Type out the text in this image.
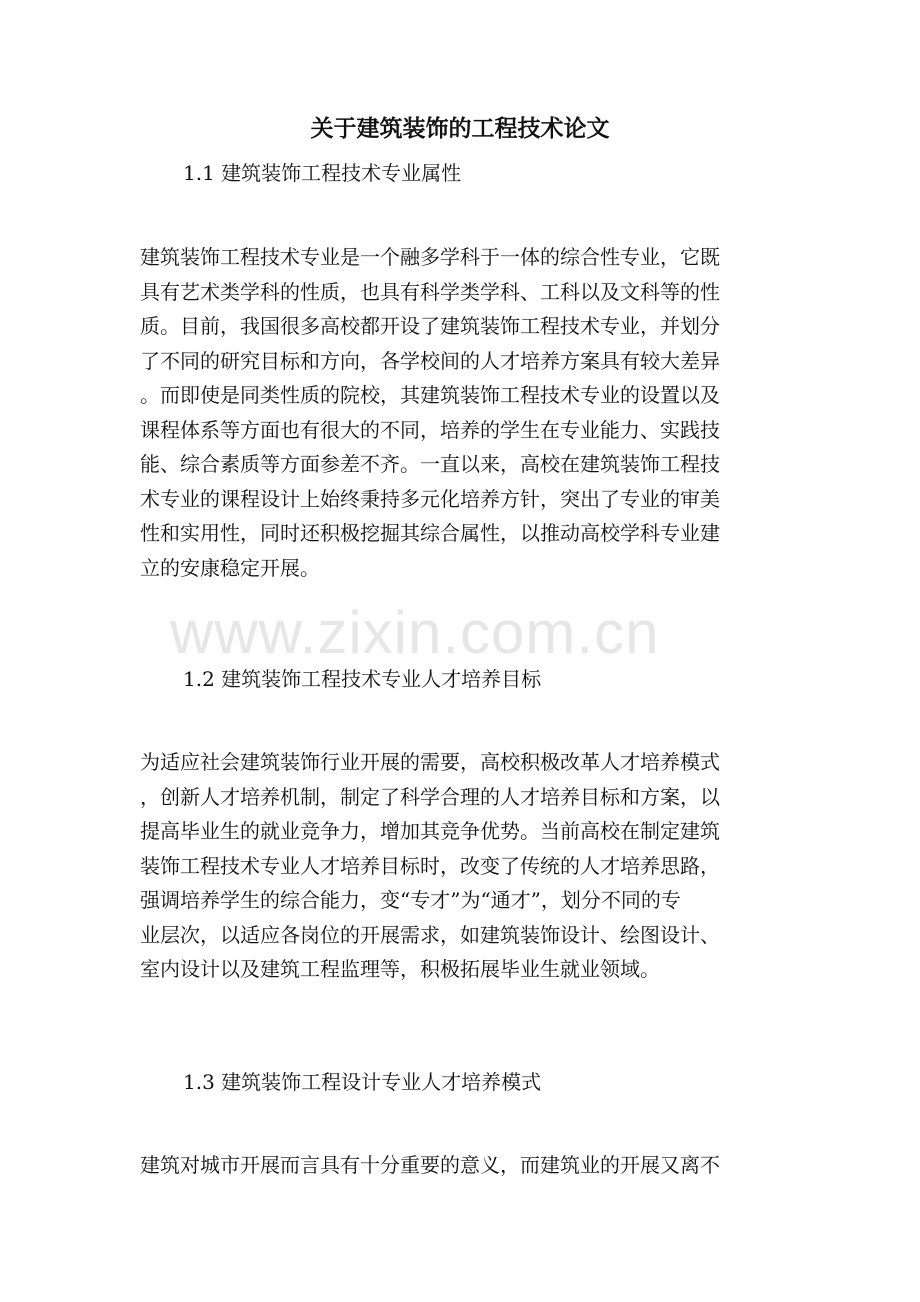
www.zixin.com.cn
关于建筑装饰的工程技术论文

1.1 建筑装饰工程技术专业属性

建筑装饰工程技术专业是一个融多学科于一体的综合性专业，它既
具有艺术类学科的性质，也具有科学类学科、工科以及文科等的性
质。目前，我国很多高校都开设了建筑装饰工程技术专业，并划分
了不同的研究目标和方向，各学校间的人才培养方案具有较大差异
。而即使是同类性质的院校，其建筑装饰工程技术专业的设置以及
课程体系等方面也有很大的不同，培养的学生在专业能力、实践技
能、综合素质等方面参差不齐。一直以来，高校在建筑装饰工程技
术专业的课程设计上始终秉持多元化培养方针，突出了专业的审美
性和实用性，同时还积极挖掘其综合属性，以推动高校学科专业建
立的安康稳定开展。

1.2 建筑装饰工程技术专业人才培养目标

为适应社会建筑装饰行业开展的需要，高校积极改革人才培养模式
，创新人才培养机制，制定了科学合理的人才培养目标和方案，以
提高毕业生的就业竞争力，增加其竞争优势。当前高校在制定建筑
装饰工程技术专业人才培养目标时，改变了传统的人才培养思路，
强调培养学生的综合能力，变“专才”为“通才”，划分不同的专
业层次，以适应各岗位的开展需求，如建筑装饰设计、绘图设计、
室内设计以及建筑工程监理等，积极拓展毕业生就业领域。

1.3 建筑装饰工程设计专业人才培养模式

建筑对城市开展而言具有十分重要的意义，而建筑业的开展又离不
